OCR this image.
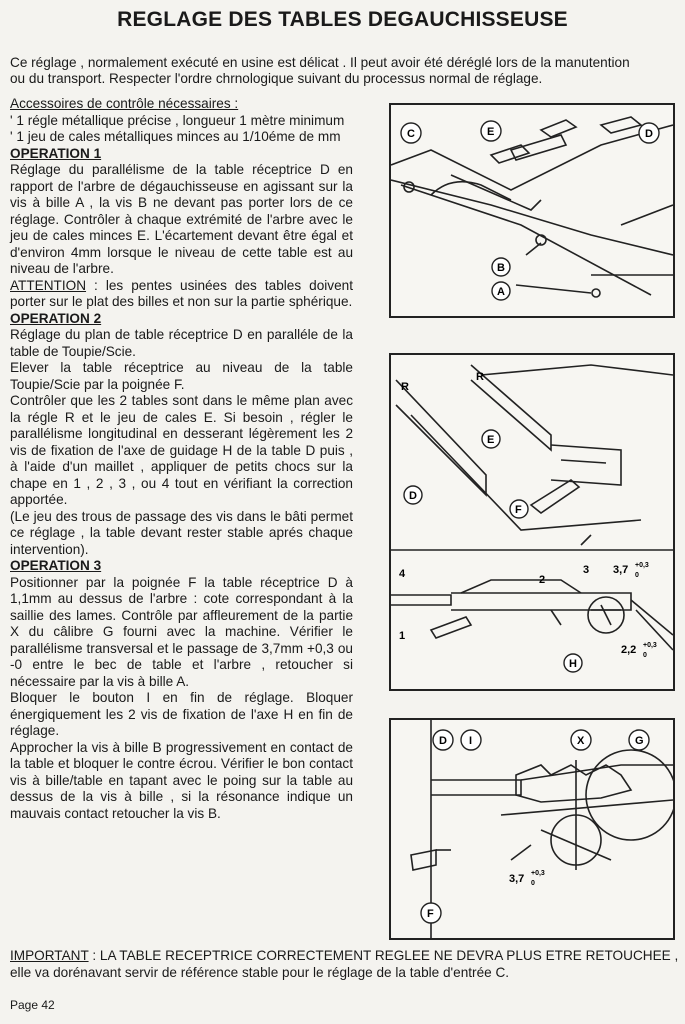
REGLAGE DES TABLES DEGAUCHISSEUSE

Ce réglage , normalement exécuté en usine est délicat . Il peut avoir été déréglé lors de la manutention

ou du transport. Respecter l'ordre chrnologique suivant du processus normal de réglage.

Accessoires de contrôle nécessaires :

' 1 régle métallique précise , longueur 1 mètre minimum

' 1 jeu de cales métalliques minces au 1/10éme de mm

OPERATION 1

Réglage du parallélisme de la table réceptrice D en rapport de l'arbre de dégauchisseuse en agissant sur la vis à bille A , la vis B ne devant pas porter lors de ce réglage. Contrôler à chaque extrémité de l'arbre avec le jeu de cales minces E. L'écartement devant être égal et d'environ 4mm lorsque le niveau de cette table est au niveau de l'arbre.

ATTENTION : les pentes usinées des tables doivent porter sur le plat des billes et non sur la partie sphérique.

OPERATION 2

Réglage du plan de table réceptrice D en paralléle de la table de Toupie/Scie.

Elever la table réceptrice au niveau de la table Toupie/Scie par la poignée F.

Contrôler que les 2 tables sont dans le même plan avec la régle R et le jeu de cales E. Si besoin , régler le parallélisme longitudinal en desserant légèrement les 2 vis de fixation de l'axe de guidage H de la table D puis , à l'aide d'un maillet , appliquer de petits chocs sur la chape en 1 , 2 , 3 , ou 4 tout en vérifiant la correction apportée.

(Le jeu des trous de passage des vis dans le bâti permet ce réglage , la table devant rester stable aprés chaque intervention).

OPERATION 3

Positionner par la poignée F la table réceptrice D à 1,1mm au dessus de l'arbre : cote correspondant à la saillie des lames. Contrôle par affleurement de la partie X du câlibre G fourni avec la machine. Vérifier le parallélisme transversal et le passage de 3,7mm +0,3 ou -0 entre le bec de table et l'arbre , retoucher si nécessaire par la vis à bille A.

Bloquer le bouton I en fin de réglage. Bloquer énergiquement les 2 vis de fixation de l'axe H en fin de réglage.

Approcher la vis à bille B progressivement en contact de la table et bloquer le contre écrou. Vérifier le bon contact vis à bille/table en tapant avec le poing sur la table au dessus de la vis à bille , si la résonance indique un mauvais contact retoucher la vis B.

IMPORTANT : LA TABLE RECEPTRICE CORRECTEMENT REGLEE NE DEVRA PLUS ETRE RETOUCHEE , elle va dorénavant servir de référence stable pour le réglage de la table d'entrée C.
Page 42
C	E	D
B
A
R
R
E
D
F
4
1
2
3
H
3,7 +0,3
0
2,2 +0,3
0
D I	X	G
F
3,7 +0,3
0
